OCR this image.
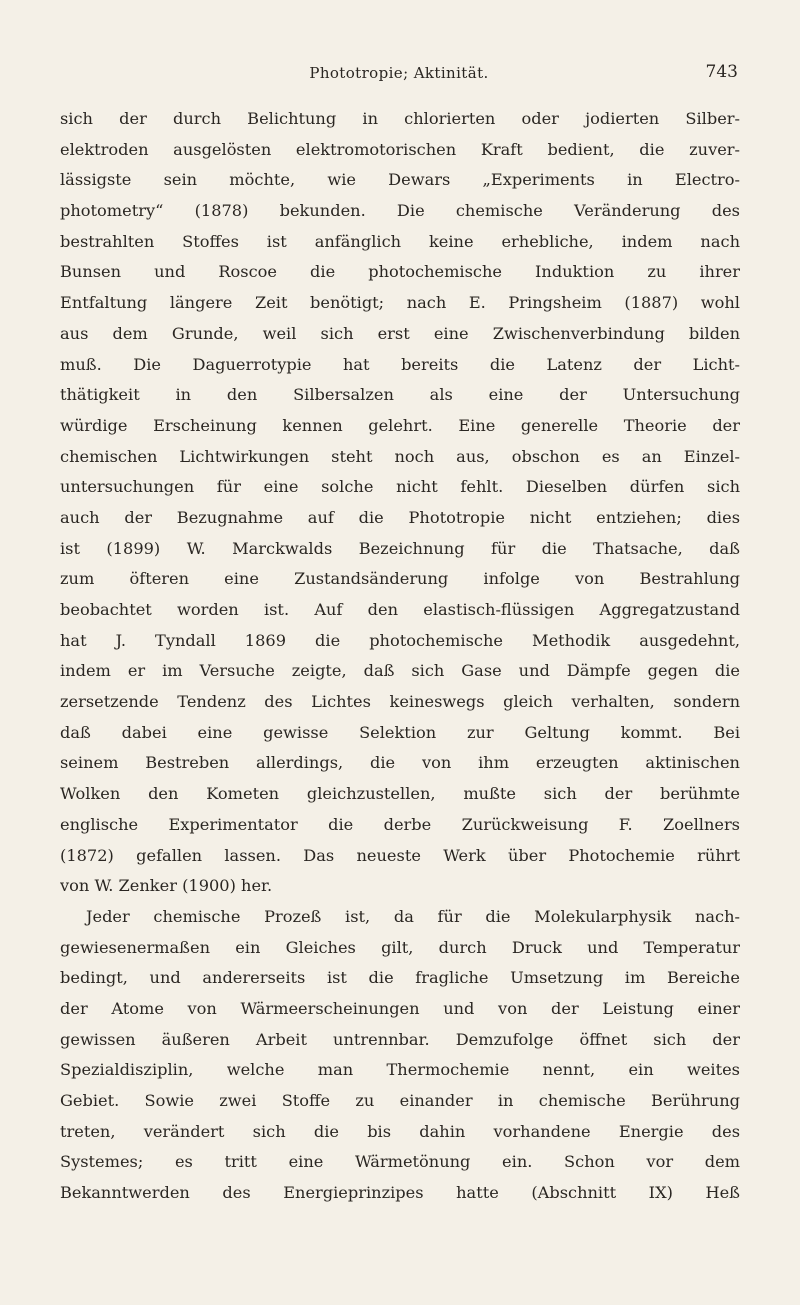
Phototropie; Aktinität.	743
sich der durch Belichtung in chlorierten oder jodierten Silber-
elektroden ausgelösten elektromotorischen Kraft bedient, die zuver-
lässigste sein möchte, wie Dewars „Experiments in Electro-
photometry“ (1878) bekunden. Die chemische Veränderung des
bestrahlten Stoffes ist anfänglich keine erhebliche, indem nach
Bunsen und Roscoe die photochemische Induktion zu ihrer
Entfaltung längere Zeit benötigt; nach E. Pringsheim (1887) wohl
aus dem Grunde, weil sich erst eine Zwischenverbindung bilden
muß. Die Daguerrotypie hat bereits die Latenz der Licht-
thätigkeit in den Silbersalzen als eine der Untersuchung
würdige Erscheinung kennen gelehrt. Eine generelle Theorie der
chemischen Lichtwirkungen steht noch aus, obschon es an Einzel-
untersuchungen für eine solche nicht fehlt. Dieselben dürfen sich
auch der Bezugnahme auf die Phototropie nicht entziehen; dies
ist (1899) W. Marckwalds Bezeichnung für die Thatsache, daß
zum öfteren eine Zustandsänderung infolge von Bestrahlung
beobachtet worden ist. Auf den elastisch-flüssigen Aggregatzustand
hat J. Tyndall 1869 die photochemische Methodik ausgedehnt,
indem er im Versuche zeigte, daß sich Gase und Dämpfe gegen die
zersetzende Tendenz des Lichtes keineswegs gleich verhalten, sondern
daß dabei eine gewisse Selektion zur Geltung kommt. Bei
seinem Bestreben allerdings, die von ihm erzeugten aktinischen
Wolken den Kometen gleichzustellen, mußte sich der berühmte
englische Experimentator die derbe Zurückweisung F. Zoellners
(1872) gefallen lassen. Das neueste Werk über Photochemie rührt
von W. Zenker (1900) her.
Jeder chemische Prozeß ist, da für die Molekularphysik nach-
gewiesenermaßen ein Gleiches gilt, durch Druck und Temperatur
bedingt, und andererseits ist die fragliche Umsetzung im Bereiche
der Atome von Wärmeerscheinungen und von der Leistung einer
gewissen äußeren Arbeit untrennbar. Demzufolge öffnet sich der
Spezialdisziplin, welche man Thermochemie nennt, ein weites
Gebiet. Sowie zwei Stoffe zu einander in chemische Berührung
treten, verändert sich die bis dahin vorhandene Energie des
Systemes; es tritt eine Wärmetönung ein. Schon vor dem
Bekanntwerden des Energieprinzipes hatte (Abschnitt IX) Heß
